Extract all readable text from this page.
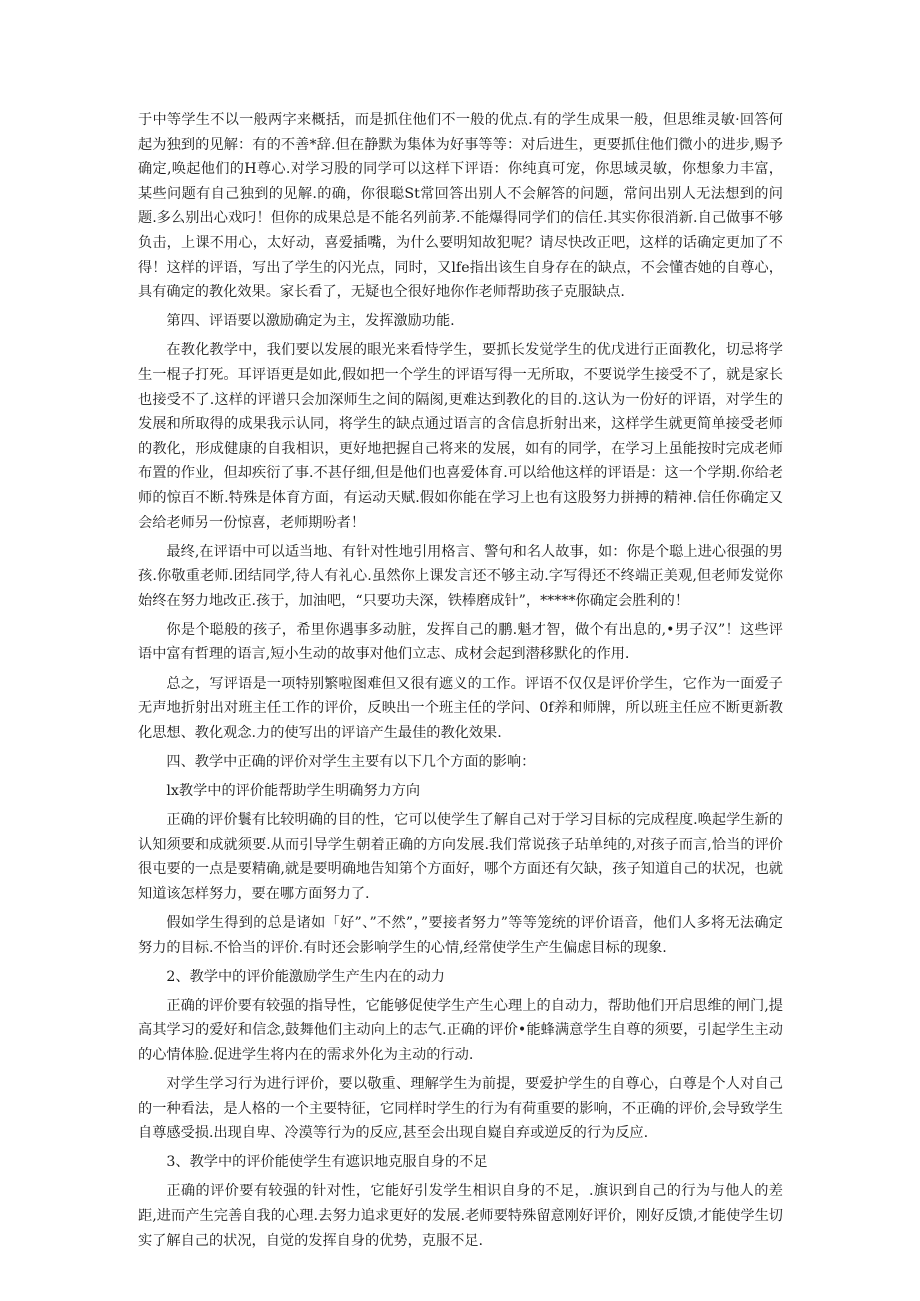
于中等学生不以一般两字来概括，而是抓住他们不一般的优点.有的学生成果一般，但思维灵敏·回答何起为独到的见解：有的不善*辞.但在静默为集体为好事等等：对后进生，更要抓住他们微小的进步,赐予确定,唤起他们的H尊心.对学习股的同学可以这样下评语：你纯真可宠，你思域灵敏，你想象力丰富，某些问题有自己独到的见解.的确，你很聪St常回答出别人不会解答的问题，常问出别人无法想到的问题.多么别出心戏叼！但你的成果总是不能名列前茅.不能爆得同学们的信任.其实你很消新.自己做事不够负击，上课不用心，太好动，喜爱插嘴，为什么要明知故犯呢？请尽快改正吧，这样的话确定更加了不得！这样的评语，写出了学生的闪光点，同时，又lfe指出该生自身存在的缺点，不会懂杏她的自尊心，具有确定的教化效果。家长看了，无疑也仝很好地你作老师帮助孩子克服缺点.

第四、评语要以激励确定为主，发挥激励功能.

在教化教学中，我们要以发展的眼光来看恃学生，要抓长发觉学生的优戊进行正面教化，切忌将学生一棍子打死。耳评语更是如此,假如把一个学生的评语写得一无所取，不要说学生接受不了，就是家长也接受不了.这样的评谱只会加深师生之间的隔阂,更难达到教化的目的.这认为一份好的评语，对学生的发展和所取得的成果我示认同，将学生的缺点通过语言的含信息折射出来，这样学生就更简单接受老师的教化，形成健康的自我相识，更好地把握自己将来的发展，如有的同学，在学习上虽能按时完成老师布置的作业，但却疾衍了事.不甚仔细,但是他们也喜爱体育.可以给他这样的评语是：这一个学期.你给老师的惊百不断.特殊是体育方面，有运动天赋.假如你能在学习上也有这股努力拼搏的精神.信任你确定又会给老师另一份惊喜，老师期吩者！

最终,在评语中可以适当地、有针对性地引用格言、警句和名人故事，如：你是个聪上进心很强的男孩.你敬重老师.团结同学,待人有礼心.虽然你上课发言还不够主动.字写得还不终端正美观,但老师发觉你始终在努力地改正.孩于，加油吧，“只要功夫深，铁棒磨成针”，*****你确定会胜利的！

你是个聪般的孩子，希里你遇事多动脏，发挥自己的鹏.魁才智，做个有出息的,•男子汉”！这些评语中富有哲理的语言,短小生动的故事对他们立志、成材会起到潜移默化的作用.

总之，写评语是一项特别繁啦图难但又很有遮义的工作。评语不仅仅是评价学生，它作为一面爱子无声地折射出对班主任工作的评价，反映出一个班主任的学问、0f养和师牌，所以班主任应不断更新教化思想、教化观念.力的使写出的评谙产生最佳的教化效果.

四、教学中正确的评价对学生主要有以下几个方面的影响：

lx教学中的评价能帮助学生明确努力方向

正确的评价鬟有比较明确的目的性，它可以使学生了解自己对于学习目标的完成程度.唤起学生新的认知须要和成就须要.从而引导学生朝着正确的方向发展.我们常说孩子玷单纯的,对孩子而言,恰当的评价很屯要的一点是要精确,就是要明确地告知第个方面好，哪个方面还有欠缺，孩子知道自己的状况，也就知道该怎样努力，要在哪方面努力了.

假如学生得到的总是诸如「好”、”不然”，”要接者努力”等等笼统的评价语音，他们人多将无法确定努力的目标.不恰当的评价.有时还会影响学生的心情,经常使学生产生偏虑目标的现象.

2、教学中的评价能激励学生产生内在的动力

正确的评价要有较强的指导性，它能够促使学生产生心理上的自动力，帮助他们开启思维的闸门,提高其学习的爱好和信念,鼓舞他们主动向上的志气.正确的评价•能蜂满意学生自尊的须要，引起学生主动的心情体脸.促进学生将内在的需求外化为主动的行动.

对学生学习行为进行评价，要以敬重、理解学生为前提，要爱护学生的自尊心，白尊是个人对自己的一种看法，是人格的一个主要特征，它同样时学生的行为有荷重要的影响，不正确的评价,会导致学生自尊感受损.出现自卑、冷漠等行为的反应,甚至会出现自嶷自弃或逆反的行为反应.

3、教学中的评价能使学生有遮识地克服自身的不足

正确的评价要有较强的针对性，它能好引发学生相识自身的不足，.旗识到自己的行为与他人的差距,进而产生完善自我的心理.去努力追求更好的发展.老师要特殊留意刚好评价，刚好反馈,才能使学生切实了解自己的状况，自觉的发挥自身的优势，克服不足.
